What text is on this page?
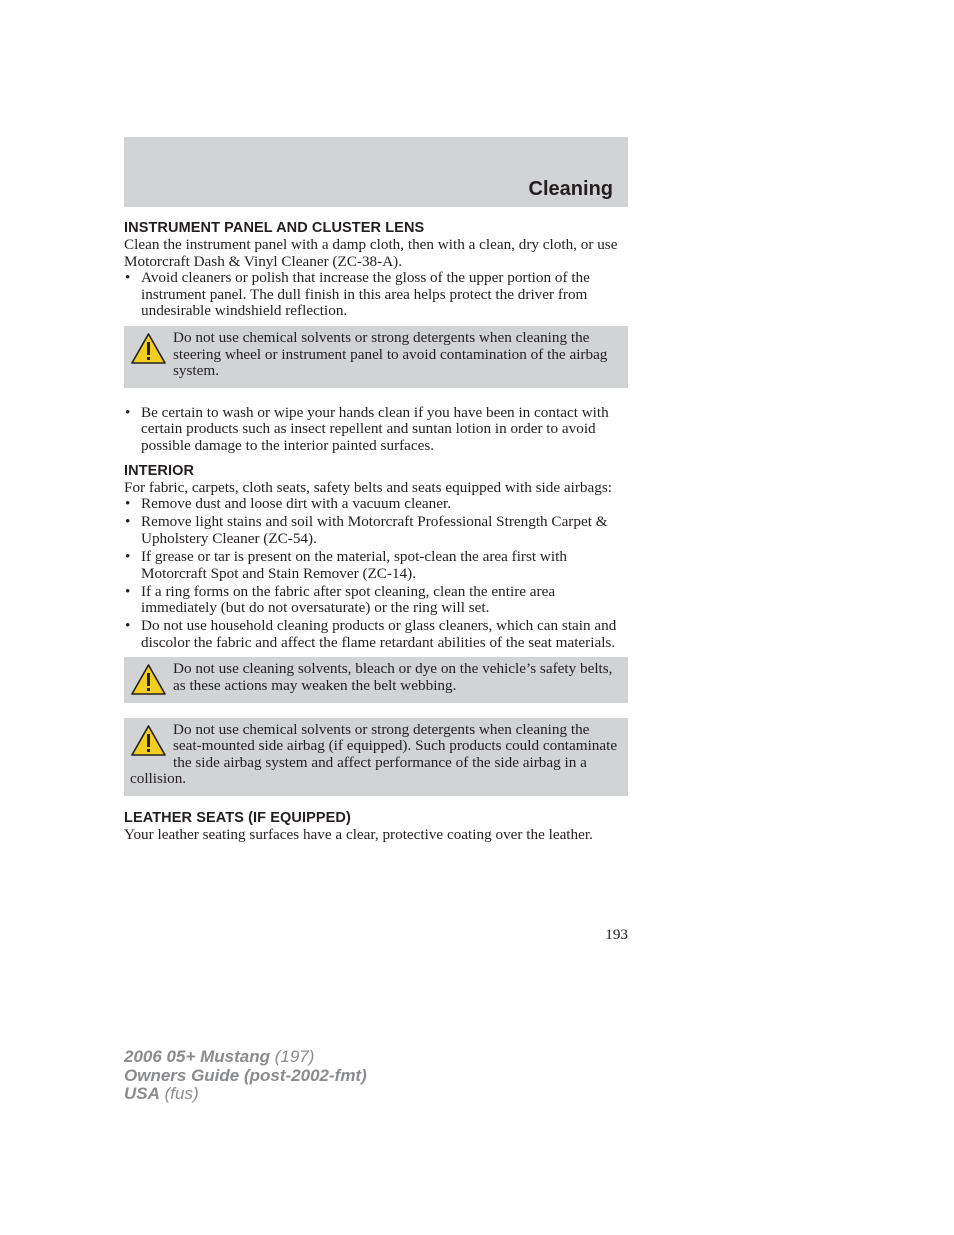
Cleaning
INSTRUMENT PANEL AND CLUSTER LENS

Clean the instrument panel with a damp cloth, then with a clean, dry cloth, or use Motorcraft Dash & Vinyl Cleaner (ZC-38-A).

• Avoid cleaners or polish that increase the gloss of the upper portion of the instrument panel. The dull finish in this area helps protect the driver from undesirable windshield reflection.
Do not use chemical solvents or strong detergents when cleaning the steering wheel or instrument panel to avoid contamination of the airbag system.
• Be certain to wash or wipe your hands clean if you have been in contact with certain products such as insect repellent and suntan lotion in order to avoid possible damage to the interior painted surfaces.
INTERIOR

For fabric, carpets, cloth seats, safety belts and seats equipped with side airbags:

• Remove dust and loose dirt with a vacuum cleaner.
• Remove light stains and soil with Motorcraft Professional Strength Carpet & Upholstery Cleaner (ZC-54).
• If grease or tar is present on the material, spot-clean the area first with Motorcraft Spot and Stain Remover (ZC-14).
• If a ring forms on the fabric after spot cleaning, clean the entire area immediately (but do not oversaturate) or the ring will set.
• Do not use household cleaning products or glass cleaners, which can stain and discolor the fabric and affect the flame retardant abilities of the seat materials.
Do not use cleaning solvents, bleach or dye on the vehicle’s safety belts, as these actions may weaken the belt webbing.
Do not use chemical solvents or strong detergents when cleaning the seat-mounted side airbag (if equipped). Such products could contaminate the side airbag system and affect performance of the side airbag in a collision.
LEATHER SEATS (IF EQUIPPED)

Your leather seating surfaces have a clear, protective coating over the leather.

193
2006 05+ Mustang (197)
Owners Guide (post-2002-fmt)
USA (fus)
